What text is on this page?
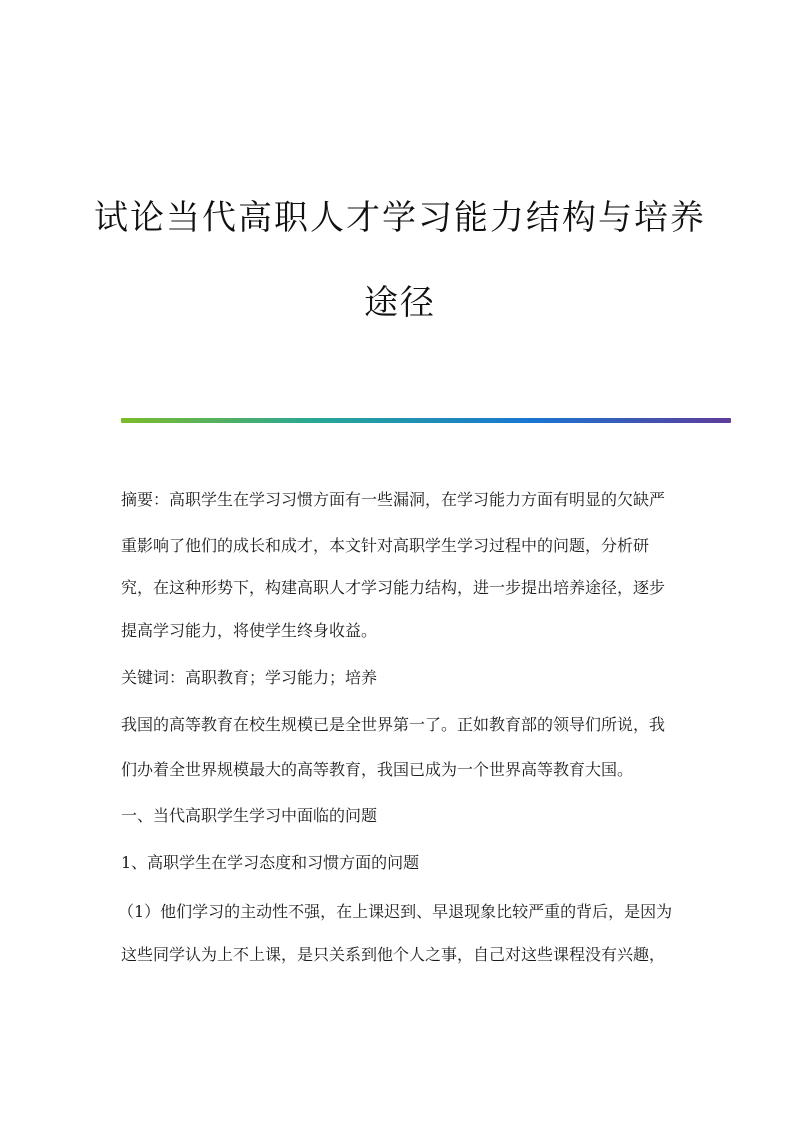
试论当代高职人才学习能力结构与培养
途径
摘要：高职学生在学习习惯方面有一些漏洞，在学习能力方面有明显的欠缺严
重影响了他们的成长和成才，本文针对高职学生学习过程中的问题，分析研
究，在这种形势下，构建高职人才学习能力结构，进一步提出培养途径，逐步
提高学习能力，将使学生终身收益。
关键词：高职教育；学习能力；培养
我国的高等教育在校生规模已是全世界第一了。正如教育部的领导们所说，我
们办着全世界规模最大的高等教育，我国已成为一个世界高等教育大国。
一、当代高职学生学习中面临的问题
1、高职学生在学习态度和习惯方面的问题
（1）他们学习的主动性不强，在上课迟到、早退现象比较严重的背后，是因为
这些同学认为上不上课，是只关系到他个人之事，自己对这些课程没有兴趣，
